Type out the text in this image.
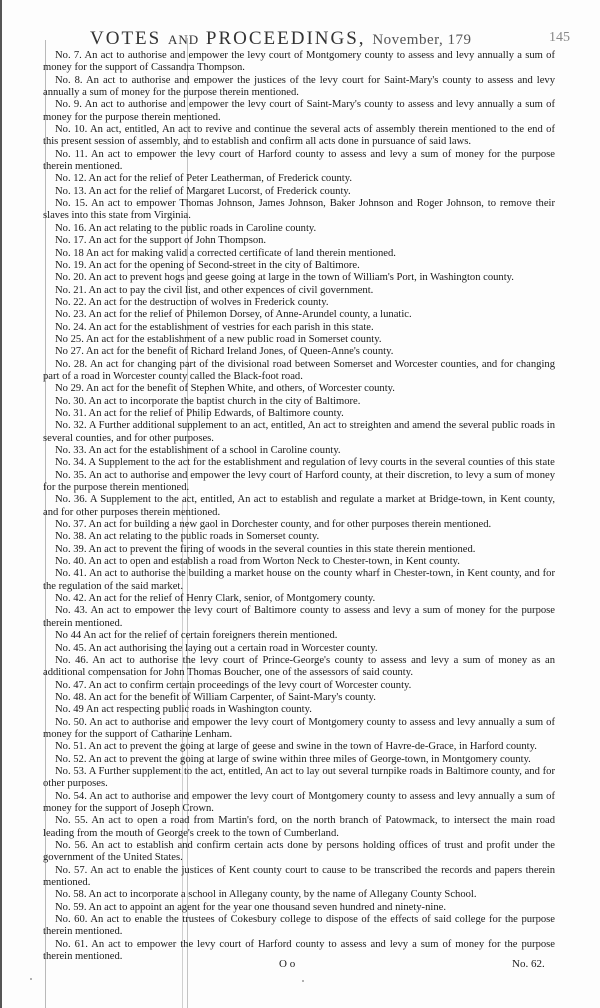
VOTES AND PROCEEDINGS, November, 179	145

No. 7. An act to authorise and empower the levy court of Montgomery county to assess and levy annually a sum of money for the support of Cassandra Thompson.

No. 8. An act to authorise and empower the justices of the levy court for Saint-Mary's county to assess and levy annually a sum of money for the purpose therein mentioned.

No. 9. An act to authorise and empower the levy court of Saint-Mary's county to assess and levy annually a sum of money for the purpose therein mentioned.

No. 10. An act, entitled, An act to revive and continue the several acts of assembly therein mentioned to the end of this present session of assembly, and to establish and confirm all acts done in pursuance of said laws.

No. 11. An act to empower the levy court of Harford county to assess and levy a sum of money for the purpose therein mentioned.

No. 12. An act for the relief of Peter Leatherman, of Frederick county.

No. 13. An act for the relief of Margaret Lucorst, of Frederick county.

No. 15. An act to empower Thomas Johnson, James Johnson, Baker Johnson and Roger Johnson, to remove their slaves into this state from Virginia.

No. 16. An act relating to the public roads in Caroline county.

No. 17. An act for the support of John Thompson.

No. 18 An act for making valid a corrected certificate of land therein mentioned.

No. 19. An act for the opening of Second-street in the city of Baltimore.

No. 20. An act to prevent hogs and geese going at large in the town of William's Port, in Washington county.

No. 21. An act to pay the civil list, and other expences of civil government.

No. 22. An act for the destruction of wolves in Frederick county.

No. 23. An act for the relief of Philemon Dorsey, of Anne-Arundel county, a lunatic.

No. 24. An act for the establishment of vestries for each parish in this state.

No 25. An act for the establishment of a new public road in Somerset county.

No 27. An act for the benefit of Richard Ireland Jones, of Queen-Anne's county.

No. 28. An act for changing part of the divisional road between Somerset and Worcester counties, and for changing part of a road in Worcester county called the Black-foot road.

No 29. An act for the benefit of Stephen White, and others, of Worcester county.

No. 30. An act to incorporate the baptist church in the city of Baltimore.

No. 31. An act for the relief of Philip Edwards, of Baltimore county.

No. 32. A Further additional supplement to an act, entitled, An act to streighten and amend the several public roads in several counties, and for other purposes.

No. 33. An act for the establishment of a school in Caroline county.

No. 34. A Supplement to the act for the establishment and regulation of levy courts in the several counties of this state

No. 35. An act to authorise and empower the levy court of Harford county, at their discretion, to levy a sum of money for the purpose therein mentioned.

No. 36. A Supplement to the act, entitled, An act to establish and regulate a market at Bridge-town, in Kent county, and for other purposes therein mentioned.

No. 37. An act for building a new gaol in Dorchester county, and for other purposes therein mentioned.

No. 38. An act relating to the public roads in Somerset county.

No. 39. An act to prevent the firing of woods in the several counties in this state therein mentioned.

No. 40. An act to open and establish a road from Worton Neck to Chester-town, in Kent county.

No. 41. An act to authorise the building a market house on the county wharf in Chester-town, in Kent county, and for the regulation of the said market.

No. 42. An act for the relief of Henry Clark, senior, of Montgomery county.

No. 43. An act to empower the levy court of Baltimore county to assess and levy a sum of money for the purpose therein mentioned.

No 44 An act for the relief of certain foreigners therein mentioned.

No. 45. An act authorising the laying out a certain road in Worcester county.

No. 46. An act to authorise the levy court of Prince-George's county to assess and levy a sum of money as an additional compensation for John Thomas Boucher, one of the assessors of said county.

No. 47. An act to confirm certain proceedings of the levy court of Worcester county.

No. 48. An act for the benefit of William Carpenter, of Saint-Mary's county.

No. 49 An act respecting public roads in Washington county.

No. 50. An act to authorise and empower the levy court of Montgomery county to assess and levy annually a sum of money for the support of Catharine Lenham.

No. 51. An act to prevent the going at large of geese and swine in the town of Havre-de-Grace, in Harford county.

No. 52. An act to prevent the going at large of swine within three miles of George-town, in Montgomery county.

No. 53. A Further supplement to the act, entitled, An act to lay out several turnpike roads in Baltimore county, and for other purposes.

No. 54. An act to authorise and empower the levy court of Montgomery county to assess and levy annually a sum of money for the support of Joseph Crown.

No. 55. An act to open a road from Martin's ford, on the north branch of Patowmack, to intersect the main road leading from the mouth of George's creek to the town of Cumberland.

No. 56. An act to establish and confirm certain acts done by persons holding offices of trust and profit under the government of the United States.

No. 57. An act to enable the justices of Kent county court to cause to be transcribed the records and papers therein mentioned.

No. 58. An act to incorporate a school in Allegany county, by the name of Allegany County School.

No. 59. An act to appoint an agent for the year one thousand seven hundred and ninety-nine.

No. 60. An act to enable the trustees of Cokesbury college to dispose of the effects of said college for the purpose therein mentioned.

No. 61. An act to empower the levy court of Harford county to assess and levy a sum of money for the purpose therein mentioned.

O o	No. 62.
